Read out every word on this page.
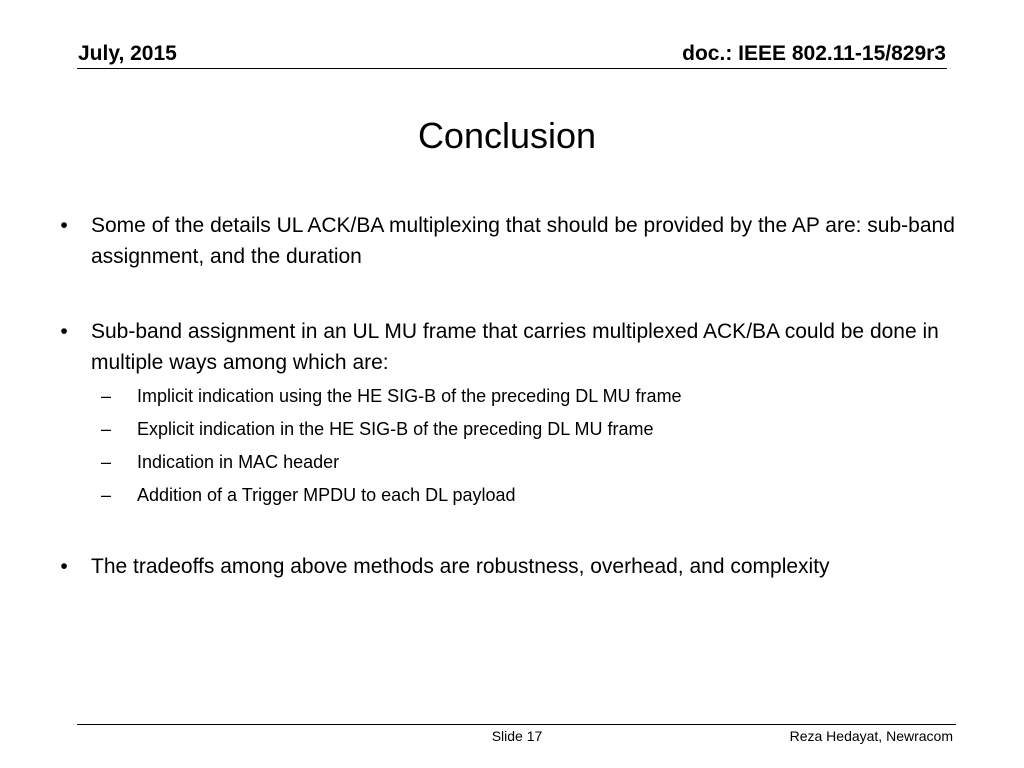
July, 2015	doc.: IEEE 802.11-15/829r3
Conclusion
• Some of the details UL ACK/BA multiplexing that should be provided by the AP are: sub-band assignment, and the duration
• Sub-band assignment in an UL MU frame that carries multiplexed ACK/BA could be done in multiple ways among which are:
– Implicit indication using the HE SIG-B of the preceding DL MU frame
– Explicit indication in the HE SIG-B of the preceding DL MU frame
– Indication in MAC header
– Addition of a Trigger MPDU to each DL payload
• The tradeoffs among above methods are robustness, overhead, and complexity
Slide 17	Reza Hedayat, Newracom
